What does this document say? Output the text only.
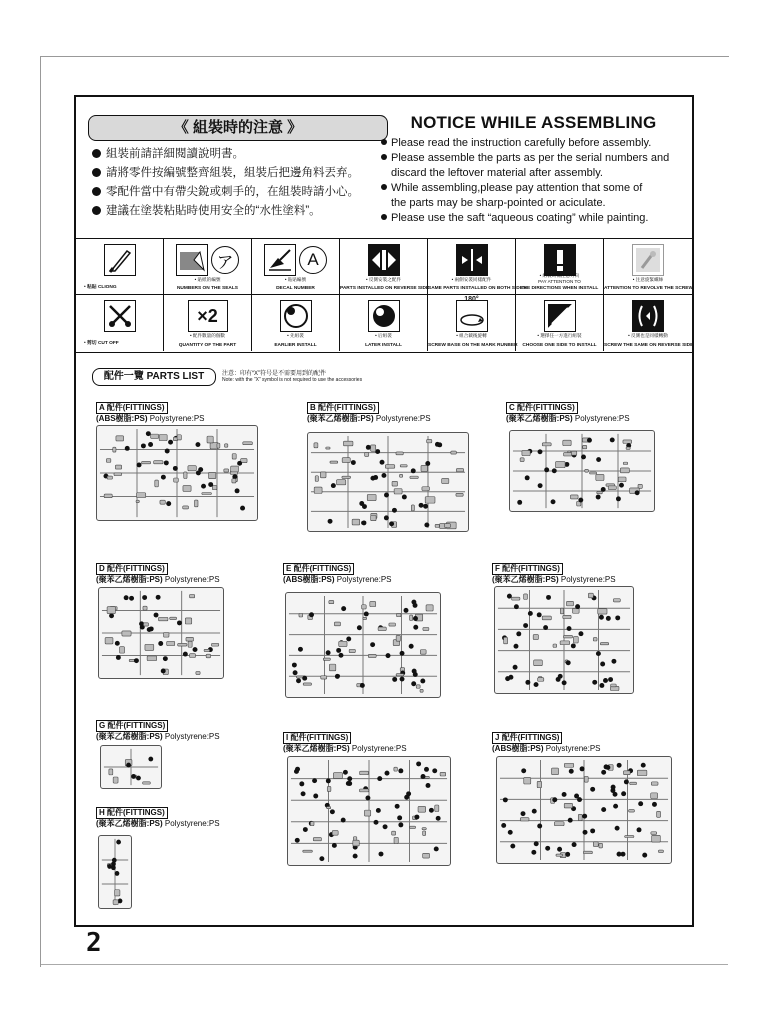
《 組裝時的注意 》
組裝前請詳細閱讀說明書。
請將零件按編號整齊組裝，組裝后把邊角料丟弃。
零配件當中有帶尖銳或刺手的，在組裝時請小心。
建議在塗裝粘貼時使用安全的“水性塗料”。
NOTICE WHILE ASSEMBLING
Please read the instruction carefully before assembly.
Please assemble the parts as per the serial numbers and
discard the leftover material after assembly.
While assembling,please pay attention that some of
the parts may be sharp-pointed or aciculate.
Please use the saft “aqueous coating” while painting.
• 粘貼 CLIONG
ア
• 貼紙的編號
NUMBERS ON THE SEALS
A
• 貼貼編號
DECAL NUMBER
• 反側安裝之配件
PARTS INSTALLED ON REVERSE SIDE
• 兩側安裝同樣配件
SAME PARTS INSTALLED ON BOTH SIDES
• 組裝時需注意方向
PAY ATTENTION TO
THE DIRECTIONS WHEN INSTALL
• 注意旋緊螺絲
ATTENTION TO REVOLVE THE SCREW
• 剪切 CUT OFF
×2
• 配件數量的個數
QUANTITY OF THE PART
• 先組裝
EARLIER INSTALL
• 后組裝
LATER INSTALL
180°
• 組合載後旋轉
SCREW BASE ON THE MARK RUNBER
• 選擇任一方進行組裝
CHOOSE ONE SIDE TO INSTALL
• 反側也是同樣轉動
SCREW THE SAME ON REVERSE SIDE
配件一覽 PARTS LIST	注意：印有“X”符号是不需要用到的配件
Note: with the “X” symbol is not required to use the accessories
A 配件(FITTINGS)
(ABS樹脂:PS) Polystyrene:PS
B 配件(FITTINGS)
(聚苯乙烯樹脂:PS) Polystyrene:PS
C 配件(FITTINGS)
(聚苯乙烯樹脂:PS) Polystyrene:PS
D 配件(FITTINGS)
(聚苯乙烯樹脂:PS) Polystyrene:PS
E 配件(FITTINGS)
(ABS樹脂:PS) Polystyrene:PS
F 配件(FITTINGS)
(聚苯乙烯樹脂:PS) Polystyrene:PS
G 配件(FITTINGS)
(聚苯乙烯樹脂:PS) Polystyrene:PS	I 配件(FITTINGS)
(聚苯乙烯樹脂:PS) Polystyrene:PS
J 配件(FITTINGS)
(ABS樹脂:PS) Polystyrene:PS
H 配件(FITTINGS)
(聚苯乙烯樹脂:PS) Polystyrene:PS
2
